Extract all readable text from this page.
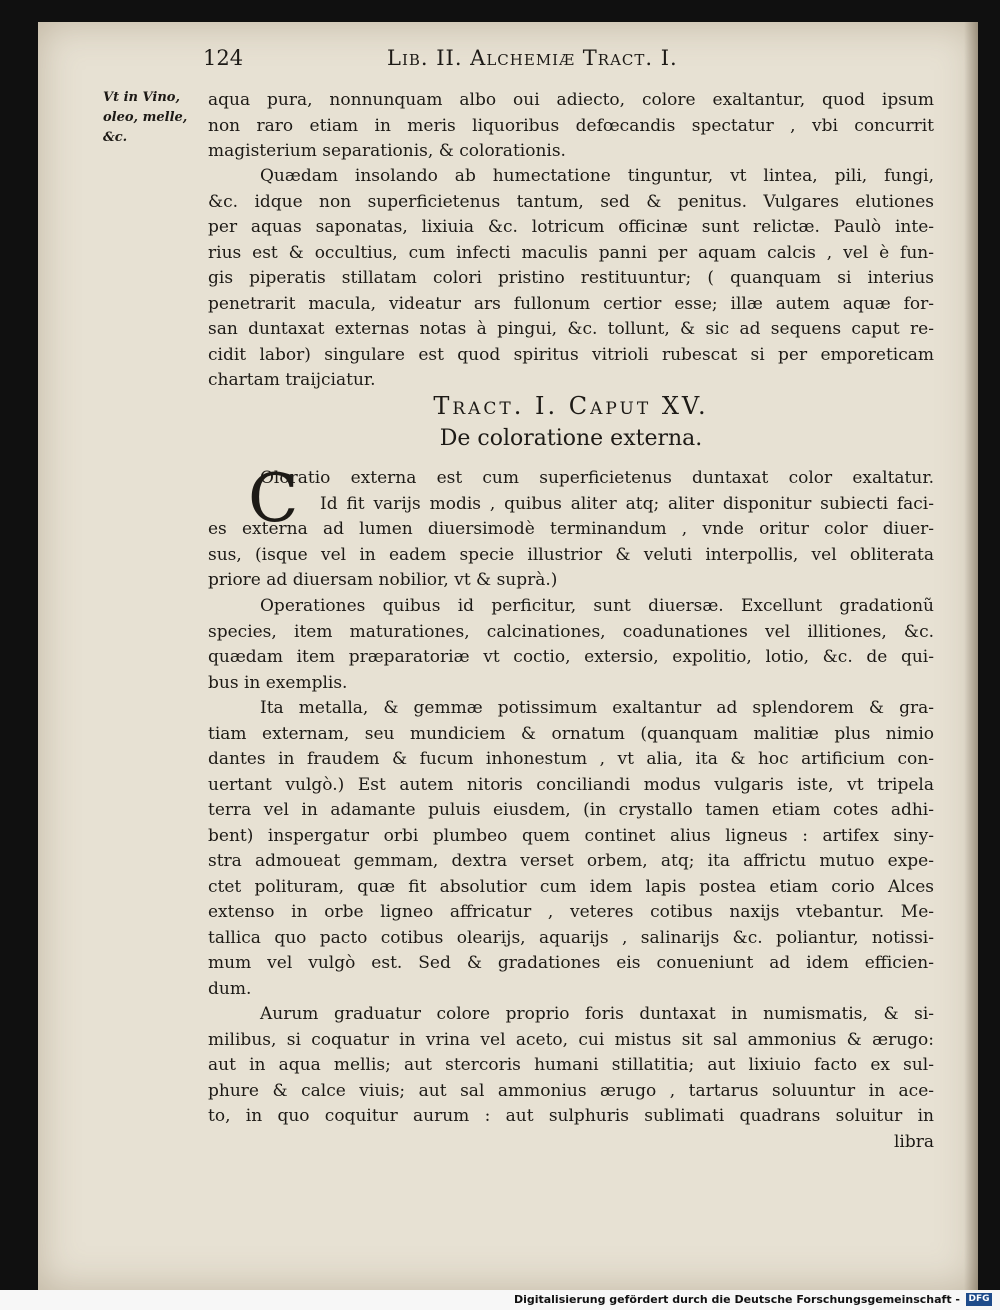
124	Lib. II. Alchemiæ Tract. I.
Vt in Vino,
oleo, melle,
&c.
aqua pura, nonnunquam albo oui adiecto, colore exaltantur, quod ipsum
non raro etiam in meris liquoribus defœcandis spectatur , vbi concurrit
magisterium separationis, & colorationis.
Quædam insolando ab humectatione tinguntur, vt lintea, pili, fungi,
&c. idque non superficietenus tantum, sed & penitus. Vulgares elutiones
per aquas saponatas, lixiuia &c. lotricum officinæ sunt relictæ. Paulò inte-
rius est & occultius, cum infecti maculis panni per aquam calcis , vel è fun-
gis piperatis stillatam colori pristino restituuntur; ( quanquam si interius
penetrarit macula, videatur ars fullonum certior esse; illæ autem aquæ for-
san duntaxat externas notas à pingui, &c. tollunt, & sic ad sequens caput re-
cidit labor) singulare est quod spiritus vitrioli rubescat si per emporeticam
chartam traijciatur.
Tract. I. Caput XV.
De coloratione externa.
C
Oloratio externa est cum superficietenus duntaxat color exaltatur.
Id fit varijs modis , quibus aliter atq; aliter disponitur subiecti faci-
es externa ad lumen diuersimodè terminandum , vnde oritur color diuer-
sus, (isque vel in eadem specie illustrior & veluti interpollis, vel obliterata
priore ad diuersam nobilior, vt & suprà.)
Operationes quibus id perficitur, sunt diuersæ. Excellunt gradationũ
species, item maturationes, calcinationes, coadunationes vel illitiones, &c.
quædam item præparatoriæ vt coctio, extersio, expolitio, lotio, &c. de qui-
bus in exemplis.
Ita metalla, & gemmæ potissimum exaltantur ad splendorem & gra-
tiam externam, seu mundiciem & ornatum (quanquam malitiæ plus nimio
dantes in fraudem & fucum inhonestum , vt alia, ita & hoc artificium con-
uertant vulgò.) Est autem nitoris conciliandi modus vulgaris iste, vt tripela
terra vel in adamante puluis eiusdem, (in crystallo tamen etiam cotes adhi-
bent) inspergatur orbi plumbeo quem continet alius ligneus : artifex siny-
stra admoueat gemmam, dextra verset orbem, atq; ita affrictu mutuo expe-
ctet polituram, quæ fit absolutior cum idem lapis postea etiam corio Alces
extenso in orbe ligneo affricatur , veteres cotibus naxijs vtebantur. Me-
tallica quo pacto cotibus olearijs, aquarijs , salinarijs &c. poliantur, notissi-
mum vel vulgò est. Sed & gradationes eis conueniunt ad idem efficien-
dum.
Aurum graduatur colore proprio foris duntaxat in numismatis, & si-
milibus, si coquatur in vrina vel aceto, cui mistus sit sal ammonius & ærugo:
aut in aqua mellis; aut stercoris humani stillatitia; aut lixiuio facto ex sul-
phure & calce viuis; aut sal ammonius ærugo , tartarus soluuntur in ace-
to, in quo coquitur aurum : aut sulphuris sublimati quadrans soluitur in
libra
Digitalisierung gefördert durch die Deutsche Forschungsgemeinschaft - DFG
